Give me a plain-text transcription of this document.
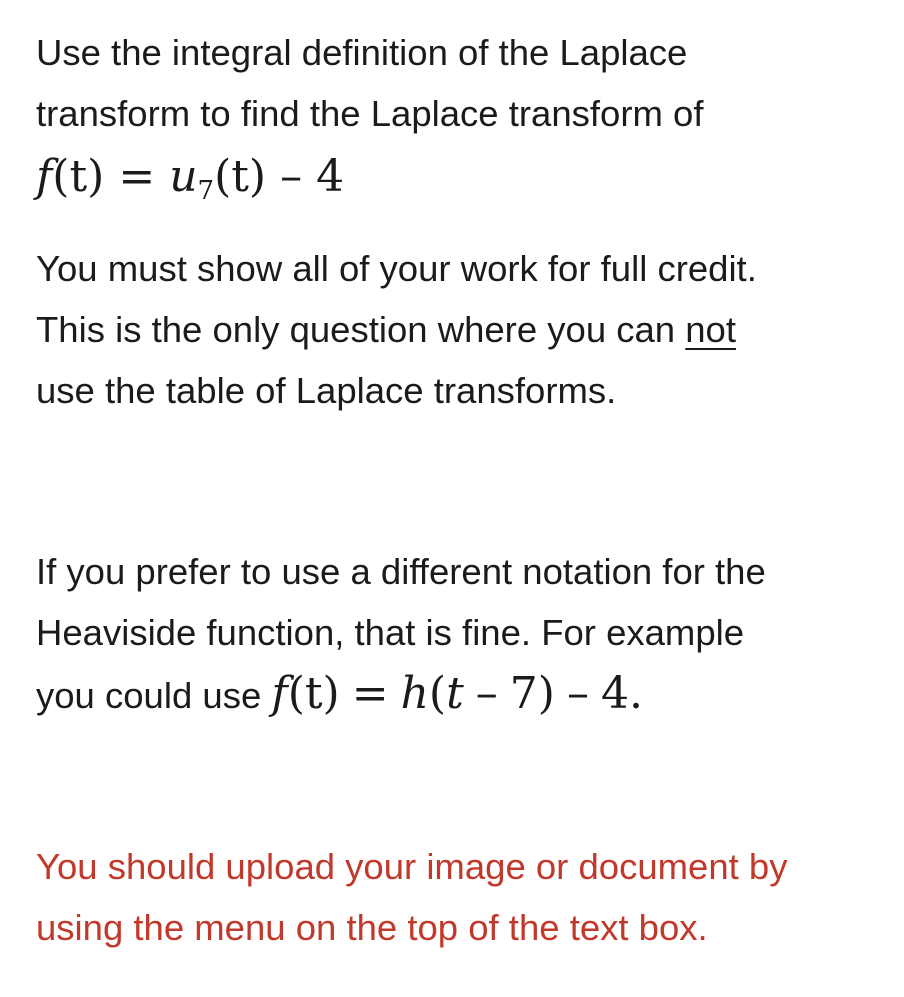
Use the integral definition of the Laplace

transform to find the Laplace transform of

f(t) = u7(t) – 4

You must show all of your work for full credit.

This is the only question where you can not

use the table of Laplace transforms.

If you prefer to use a different notation for the

Heaviside function, that is fine. For example

you could use f(t) = h(t – 7) – 4.

You should upload your image or document by

using the menu on the top of the text box.
